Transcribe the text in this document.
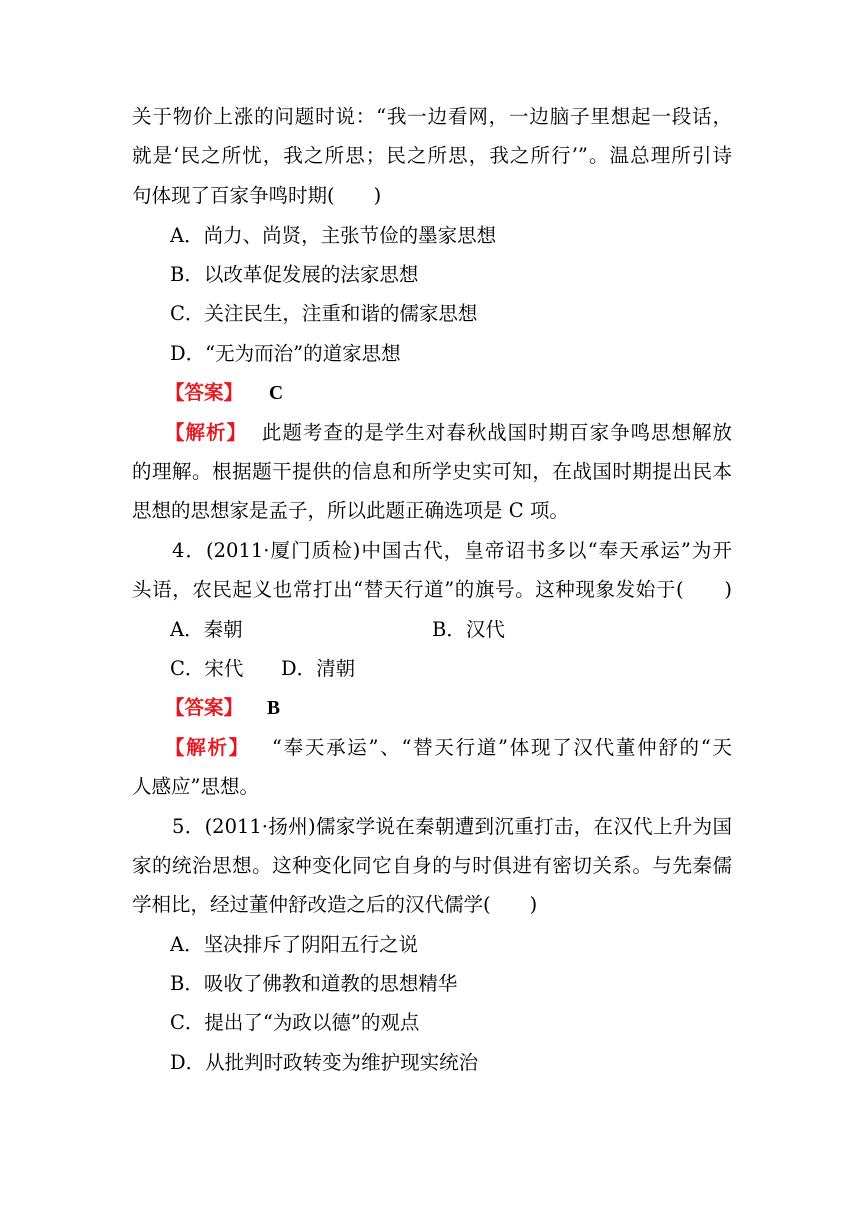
关于物价上涨的问题时说：“我一边看网，一边脑子里想起一段话，
就是‘民之所忧，我之所思；民之所思，我之所行’”。温总理所引诗
句体现了百家争鸣时期(　　)
A．尚力、尚贤，主张节俭的墨家思想
B．以改革促发展的法家思想
C．关注民生，注重和谐的儒家思想
D．“无为而治”的道家思想
【答案】 C
【解析】 此题考查的是学生对春秋战国时期百家争鸣思想解放
的理解。根据题干提供的信息和所学史实可知，在战国时期提出民本
思想的思想家是孟子，所以此题正确选项是 C 项。
4．(2011·厦门质检)中国古代，皇帝诏书多以“奉天承运”为开
头语，农民起义也常打出“替天行道”的旗号。这种现象发始于(　　)
A．秦朝	B．汉代
C．宋代 D．清朝
【答案】 B
【解析】 “奉天承运”、“替天行道”体现了汉代董仲舒的“天
人感应”思想。
5．(2011·扬州)儒家学说在秦朝遭到沉重打击，在汉代上升为国
家的统治思想。这种变化同它自身的与时俱进有密切关系。与先秦儒
学相比，经过董仲舒改造之后的汉代儒学(　　)
A．坚决排斥了阴阳五行之说
B．吸收了佛教和道教的思想精华
C．提出了“为政以德”的观点
D．从批判时政转变为维护现实统治
